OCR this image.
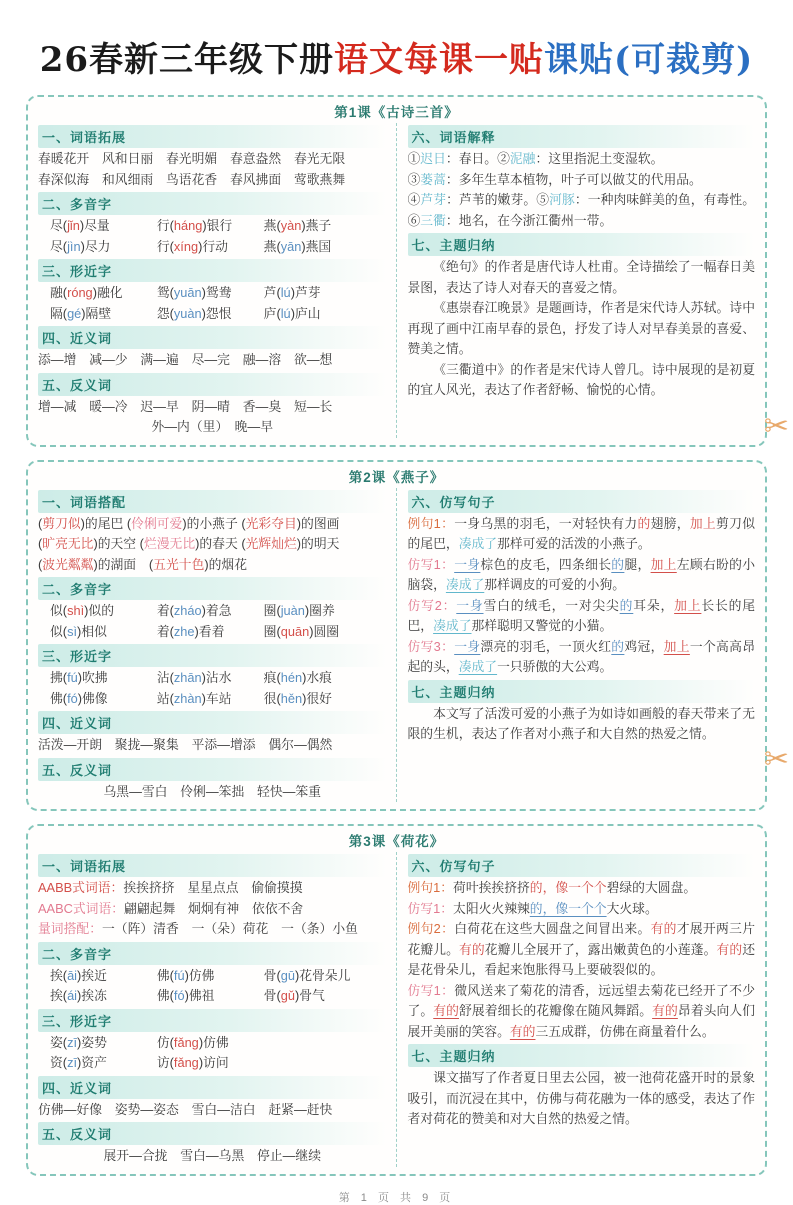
26春新三年级下册语文每课一贴课贴(可裁剪)
第1课《古诗三首》
一、词语拓展
春暖花开　风和日丽　春光明媚　春意盎然　春光无限
春深似海　和风细雨　鸟语花香　春风拂面　莺歌燕舞
二、多音字
尽(jǐn)尽量	行(háng)银行	燕(yàn)燕子
尽(jìn)尽力	行(xíng)行动	燕(yān)燕国
三、形近字
融(róng)融化	鸳(yuān)鸳鸯	芦(lú)芦芽
隔(gé)隔壁	怨(yuàn)怨恨	庐(lú)庐山
四、近义词
添—增　减—少　满—遍　尽—完　融—溶　欲—想
五、反义词
增—减　暖—冷　迟—早　阴—晴　香—臭　短—长
外—内（里）　晚—早
六、词语解释
①迟日：春日。②泥融：这里指泥土变湿软。
③蒌蒿：多年生草本植物，叶子可以做艾的代用品。
④芦芽：芦苇的嫩芽。⑤河豚：一种肉味鲜美的鱼，有毒性。⑥三衢：地名，在今浙江衢州一带。
七、主题归纳
《绝句》的作者是唐代诗人杜甫。全诗描绘了一幅春日美景图，表达了诗人对春天的喜爱之情。
《惠崇春江晚景》是题画诗，作者是宋代诗人苏轼。诗中再现了画中江南早春的景色，抒发了诗人对早春美景的喜爱、赞美之情。
《三衢道中》的作者是宋代诗人曾几。诗中展现的是初夏的宜人风光，表达了作者舒畅、愉悦的心情。
第2课《燕子》
一、词语搭配
(剪刀似)的尾巴 (伶俐可爱)的小燕子 (光彩夺目)的图画
(旷亮无比)的天空 (烂漫无比)的春天 (光辉灿烂)的明天
(波光粼粼)的湖面　(五光十色)的烟花
二、多音字
似(shì)似的	着(zháo)着急	圈(juàn)圈养
似(sì)相似	着(zhe)看着	圈(quān)圆圈
三、形近字
拂(fú)吹拂	沾(zhān)沾水	痕(hén)水痕
佛(fó)佛像	站(zhàn)车站	很(hěn)很好
四、近义词
活泼—开朗　聚拢—聚集　平添—增添　偶尔—偶然
五、反义词
乌黑—雪白　伶俐—笨拙　轻快—笨重
六、仿写句子
例句1：一身乌黑的羽毛，一对轻快有力的翅膀，加上剪刀似的尾巴，凑成了那样可爱的活泼的小燕子。
仿写1：一身棕色的皮毛，四条细长的腿，加上左顾右盼的小脑袋，凑成了那样调皮的可爱的小狗。
仿写2：一身雪白的绒毛，一对尖尖的耳朵，加上长长的尾巴，凑成了那样聪明又警觉的小猫。
仿写3：一身漂亮的羽毛，一顶火红的鸡冠，加上一个高高昂起的头，凑成了一只骄傲的大公鸡。
七、主题归纳
本文写了活泼可爱的小燕子为如诗如画般的春天带来了无限的生机，表达了作者对小燕子和大自然的热爱之情。
第3课《荷花》
一、词语拓展
AABB式词语：挨挨挤挤　星星点点　偷偷摸摸
AABC式词语：翩翩起舞　炯炯有神　依依不舍
量词搭配：一（阵）清香　一（朵）荷花　一（条）小鱼
二、多音字
挨(āi)挨近	佛(fú)仿佛	骨(gū)花骨朵儿
挨(ái)挨冻	佛(fó)佛祖	骨(gǔ)骨气
三、形近字
姿(zī)姿势	仿(fǎng)仿佛
资(zī)资产	访(fǎng)访问
四、近义词
仿佛—好像　姿势—姿态　雪白—洁白　赶紧—赶快
五、反义词
展开—合拢　雪白—乌黑　停止—继续
六、仿写句子
例句1：荷叶挨挨挤挤的，像一个个碧绿的大圆盘。
仿写1：太阳火火辣辣的，像一个个大火球。
例句2：白荷花在这些大圆盘之间冒出来。有的才展开两三片花瓣儿。有的花瓣儿全展开了，露出嫩黄色的小莲蓬。有的还是花骨朵儿，看起来饱胀得马上要破裂似的。
仿写1：微风送来了菊花的清香，远远望去菊花已经开了不少了。有的舒展着细长的花瓣像在随风舞蹈。有的昂着头向人们展开美丽的笑容。有的三五成群，仿佛在商量着什么。
七、主题归纳
课文描写了作者夏日里去公园，被一池荷花盛开时的景象吸引，而沉浸在其中，仿佛与荷花融为一体的感受，表达了作者对荷花的赞美和对大自然的热爱之情。
✂
✂
第 1 页 共 9 页
